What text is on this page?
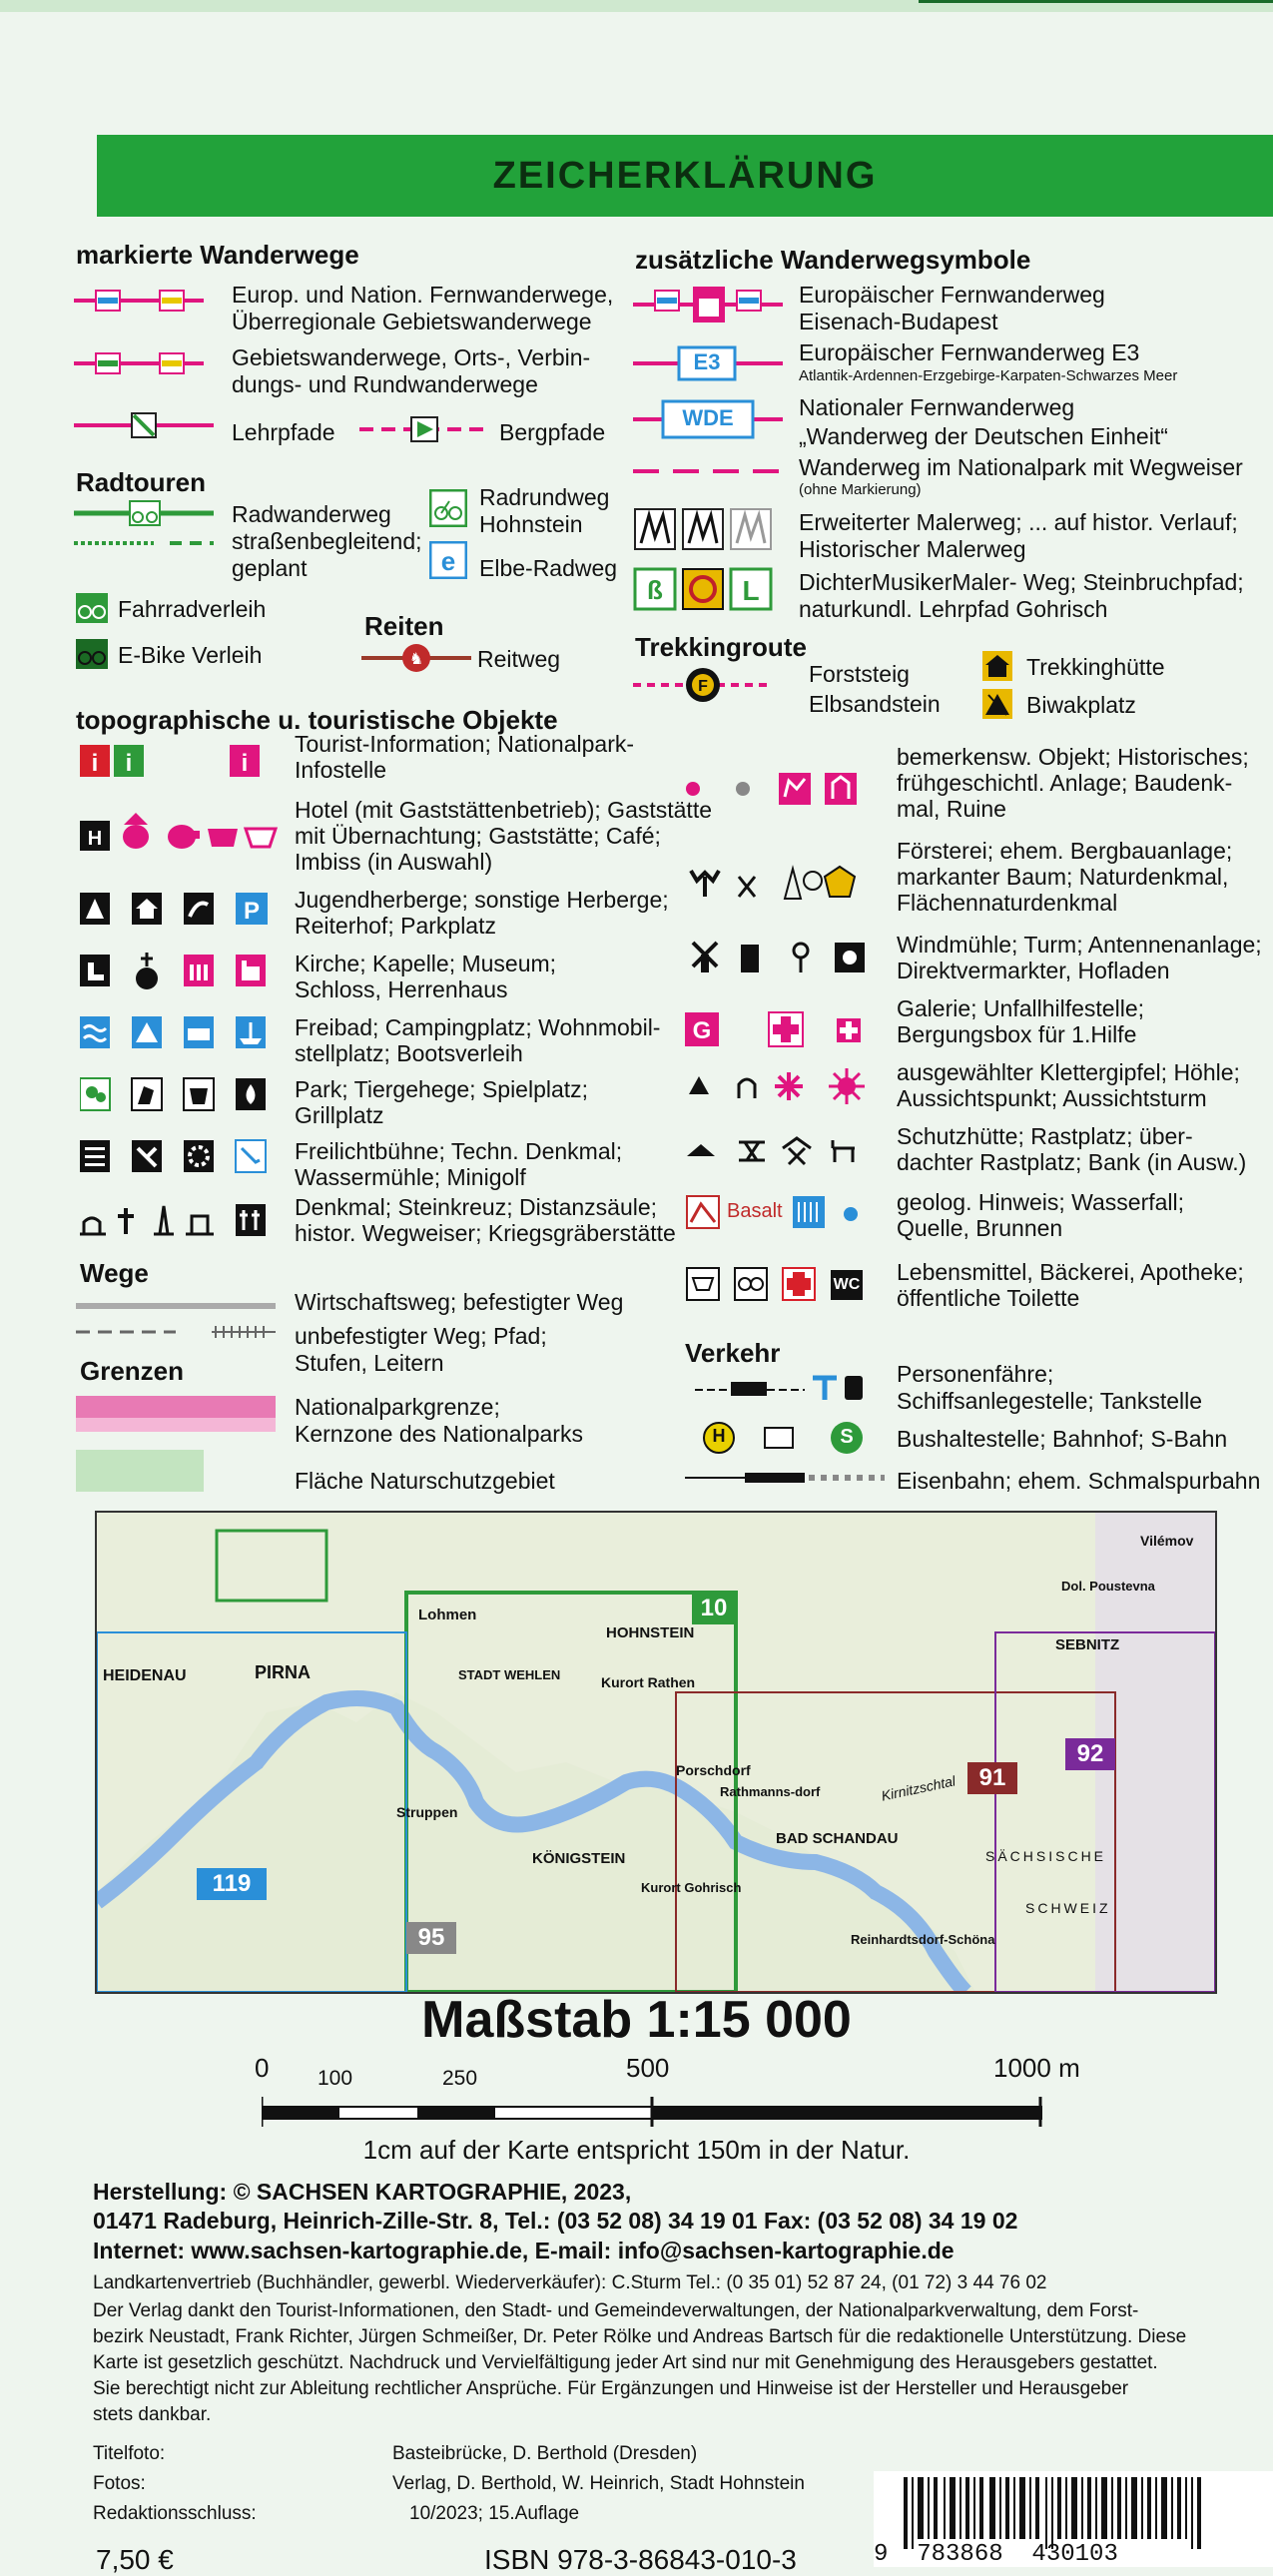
ZEICHERKLÄRUNG
markierte Wanderwege
Europ. und Nation. Fernwanderwege,
Überregionale Gebietswanderwege
Gebietswanderwege, Orts-, Verbin-
dungs- und Rundwanderwege
Lehrpfade	Bergpfade
Radtouren
Radwanderweg
straßenbegleitend;
geplant
Radrundweg
Hohnstein
e Elbe-Radweg
Fahrradverleih
E-Bike Verleih
Reiten
♞ Reitweg
zusätzliche Wanderwegsymbole
Europäischer Fernwanderweg
Eisenach-Budapest
E3	Europäischer Fernwanderweg E3
Atlantik-Ardennen-Erzgebirge-Karpaten-Schwarzes Meer
WDE	Nationaler Fernwanderweg
„Wanderweg der Deutschen Einheit“
Wanderweg im Nationalpark mit Wegweiser
(ohne Markierung)
Erweiterter Malerweg; ... auf histor. Verlauf;
Historischer Malerweg
ß	L DichterMusikerMaler- Weg; Steinbruchpfad;
naturkundl. Lehrpfad Gohrisch
Trekkingroute
F	Forststeig
Elbsandstein
Trekkinghütte
Biwakplatz
topographische u. touristische Objekte
i i	i
H
P
Tourist-Information; Nationalpark-
Infostelle
Hotel (mit Gaststättenbetrieb); Gaststätte
mit Übernachtung; Gaststätte; Café;
Imbiss (in Auswahl)
Jugendherberge; sonstige Herberge;
Reiterhof; Parkplatz
Kirche; Kapelle; Museum;
Schloss, Herrenhaus
Freibad; Campingplatz; Wohnmobil-
stellplatz; Bootsverleih
Park; Tiergehege; Spielplatz;
Grillplatz
Freilichtbühne; Techn. Denkmal;
Wassermühle; Minigolf
Denkmal; Steinkreuz; Distanzsäule;
histor. Wegweiser; Kriegsgräberstätte
G
Basalt
WC
bemerkensw. Objekt; Historisches;
frühgeschichtl. Anlage; Baudenk-
mal, Ruine
Försterei; ehem. Bergbauanlage;
markanter Baum; Naturdenkmal,
Flächennaturdenkmal
Windmühle; Turm; Antennenanlage;
Direktvermarkter, Hofladen
Galerie; Unfallhilfestelle;
Bergungsbox für 1.Hilfe
ausgewählter Klettergipfel; Höhle;
Aussichtspunkt; Aussichtsturm
Schutzhütte; Rastplatz; über-
dachter Rastplatz; Bank (in Ausw.)
geolog. Hinweis; Wasserfall;
Quelle, Brunnen
Lebensmittel, Bäckerei, Apotheke;
öffentliche Toilette
Wege
Wirtschaftsweg; befestigter Weg
unbefestigter Weg; Pfad;
Stufen, Leitern
Grenzen
Nationalparkgrenze;
Kernzone des Nationalparks
Fläche Naturschutzgebiet
Verkehr
H	S
Personenfähre;
Schiffsanlegestelle; Tankstelle
Bushaltestelle; Bahnhof; S-Bahn
Eisenbahn; ehem. Schmalspurbahn
10
119
95
91
92
HEIDENAU	PIRNA
Lohmen
STADT WEHLEN
HOHNSTEIN
Kurort Rathen
Porschdorf
Rathmanns-dorf
BAD SCHANDAU
KÖNIGSTEIN
Kurort Gohrisch
Struppen
Reinhardtsdorf-Schöna
SEBNITZ
Vilémov
Dol. Poustevna
SÄCHSISCHE
SCHWEIZ
Kirnitzschtal
Maßstab 1:15 000
0 100	250	500	1000 m
1cm auf der Karte entspricht 150m in der Natur.
Herstellung: © SACHSEN KARTOGRAPHIE, 2023,
01471 Radeburg, Heinrich-Zille-Str. 8, Tel.: (03 52 08) 34 19 01 Fax: (03 52 08) 34 19 02
Internet: www.sachsen-kartographie.de, E-mail: info@sachsen-kartographie.de
Landkartenvertrieb (Buchhändler, gewerbl. Wiederverkäufer): C.Sturm Tel.: (0 35 01) 52 87 24, (01 72) 3 44 76 02
Der Verlag dankt den Tourist-Informationen, den Stadt- und Gemeindeverwaltungen, der Nationalparkverwaltung, dem Forst-
bezirk Neustadt, Frank Richter, Jürgen Schmeißer, Dr. Peter Rölke und Andreas Bartsch für die redaktionelle Unterstützung. Diese
Karte ist gesetzlich geschützt. Nachdruck und Vervielfältigung jeder Art sind nur mit Genehmigung des Herausgebers gestattet.
Sie berechtigt nicht zur Ableitung rechtlicher Ansprüche. Für Ergänzungen und Hinweise ist der Hersteller und Herausgeber
stets dankbar.
Titelfoto:	Basteibrücke, D. Berthold (Dresden)
Fotos:	Verlag, D. Berthold, W. Heinrich, Stadt Hohnstein
Redaktionsschluss:	10/2023; 15.Auflage
7,50 €	ISBN 978-3-86843-010-3	9  783868  430103
